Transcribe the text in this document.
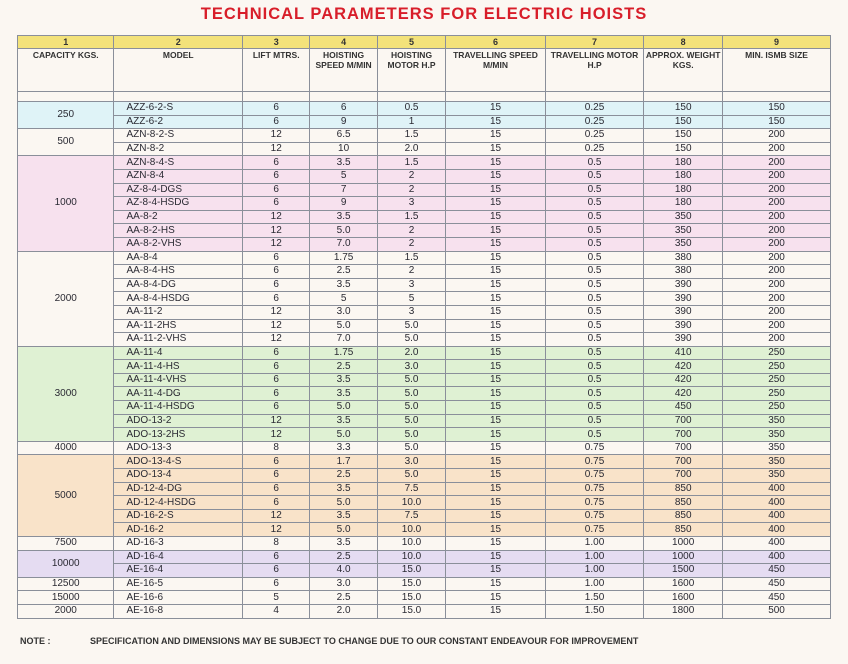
TECHNICAL PARAMETERS FOR ELECTRIC HOISTS
1	2	3	4	5	6	7	8	9
CAPACITY KGS.	MODEL	LIFT MTRS.	HOISTING SPEED M/MIN	HOISTING MOTOR H.P	TRAVELLING SPEED M/MIN	TRAVELLING MOTOR H.P	APPROX. WEIGHT KGS.	MIN. ISMB SIZE

250	AZZ-6-2-S	6	6	0.5	15	0.25	150	150
	AZZ-6-2	6	9	1	15	0.25	150	150
500	AZN-8-2-S	12	6.5	1.5	15	0.25	150	200
	AZN-8-2	12	10	2.0	15	0.25	150	200
1000	AZN-8-4-S	6	3.5	1.5	15	0.5	180	200
	AZN-8-4	6	5	2	15	0.5	180	200
	AZ-8-4-DGS	6	7	2	15	0.5	180	200
	AZ-8-4-HSDG	6	9	3	15	0.5	180	200
	AA-8-2	12	3.5	1.5	15	0.5	350	200
	AA-8-2-HS	12	5.0	2	15	0.5	350	200
	AA-8-2-VHS	12	7.0	2	15	0.5	350	200
2000	AA-8-4	6	1.75	1.5	15	0.5	380	200
	AA-8-4-HS	6	2.5	2	15	0.5	380	200
	AA-8-4-DG	6	3.5	3	15	0.5	390	200
	AA-8-4-HSDG	6	5	5	15	0.5	390	200
	AA-11-2	12	3.0	3	15	0.5	390	200
	AA-11-2HS	12	5.0	5.0	15	0.5	390	200
	AA-11-2-VHS	12	7.0	5.0	15	0.5	390	200
3000	AA-11-4	6	1.75	2.0	15	0.5	410	250
	AA-11-4-HS	6	2.5	3.0	15	0.5	420	250
	AA-11-4-VHS	6	3.5	5.0	15	0.5	420	250
	AA-11-4-DG	6	3.5	5.0	15	0.5	420	250
	AA-11-4-HSDG	6	5.0	5.0	15	0.5	450	250
	ADO-13-2	12	3.5	5.0	15	0.5	700	350
	ADO-13-2HS	12	5.0	5.0	15	0.5	700	350
4000	ADO-13-3	8	3.3	5.0	15	0.75	700	350
5000	ADO-13-4-S	6	1.7	3.0	15	0.75	700	350
	ADO-13-4	6	2.5	5.0	15	0.75	700	350
	AD-12-4-DG	6	3.5	7.5	15	0.75	850	400
	AD-12-4-HSDG	6	5.0	10.0	15	0.75	850	400
	AD-16-2-S	12	3.5	7.5	15	0.75	850	400
	AD-16-2	12	5.0	10.0	15	0.75	850	400
7500	AD-16-3	8	3.5	10.0	15	1.00	1000	400
10000	AD-16-4	6	2.5	10.0	15	1.00	1000	400
	AE-16-4	6	4.0	15.0	15	1.00	1500	450
12500	AE-16-5	6	3.0	15.0	15	1.00	1600	450
15000	AE-16-6	5	2.5	15.0	15	1.50	1600	450
2000	AE-16-8	4	2.0	15.0	15	1.50	1800	500
NOTE :	SPECIFICATION AND DIMENSIONS MAY BE SUBJECT TO CHANGE DUE TO OUR CONSTANT ENDEAVOUR FOR IMPROVEMENT
